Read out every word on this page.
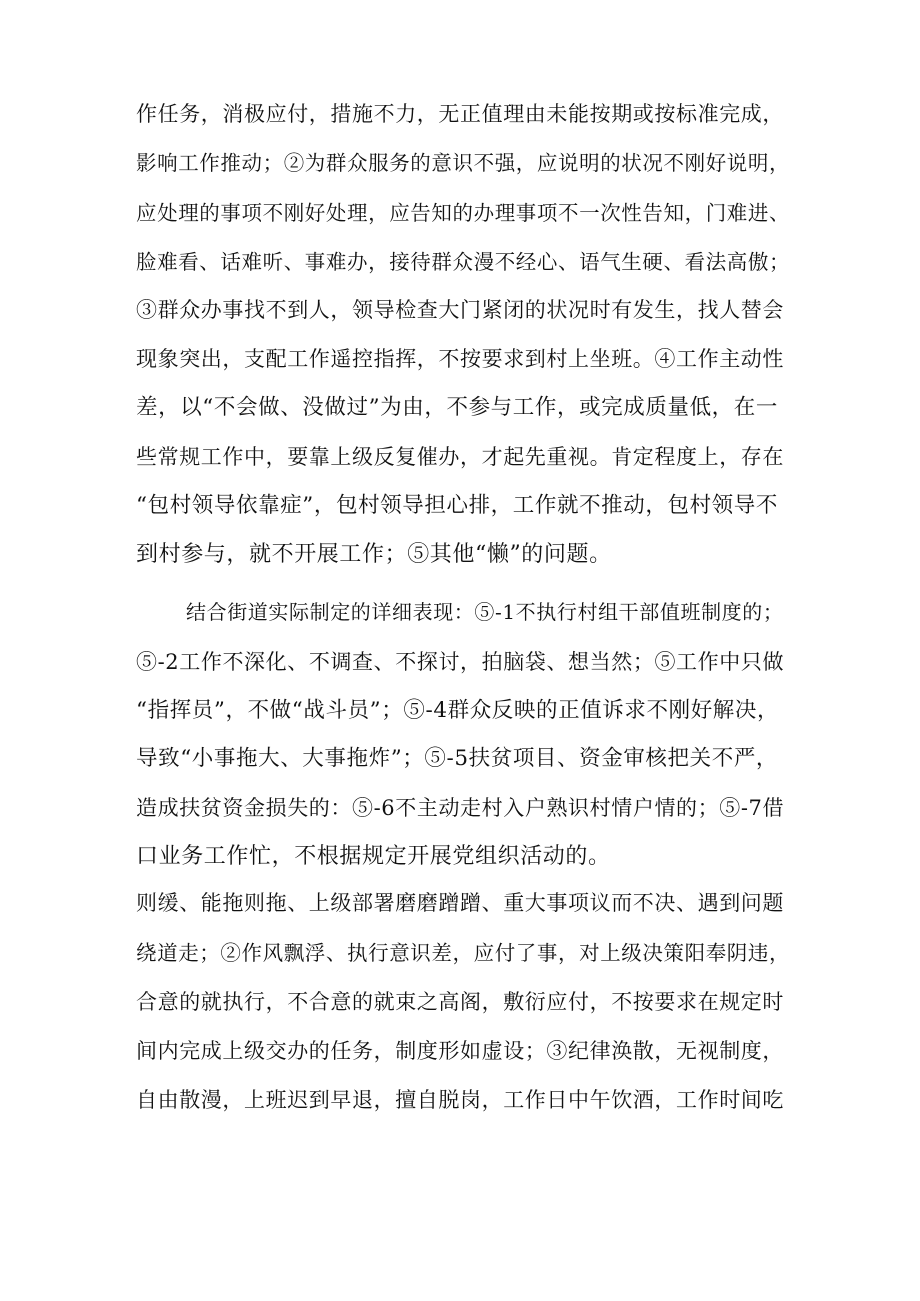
作任务，消极应付，措施不力，无正值理由未能按期或按标准完成，
影响工作推动；②为群众服务的意识不强，应说明的状况不刚好说明，
应处理的事项不刚好处理，应告知的办理事项不一次性告知，门难进、
脸难看、话难听、事难办，接待群众漫不经心、语气生硬、看法高傲；
③群众办事找不到人，领导检查大门紧闭的状况时有发生，找人替会
现象突出，支配工作遥控指挥，不按要求到村上坐班。④工作主动性
差，以“不会做、没做过”为由，不参与工作，或完成质量低，在一
些常规工作中，要靠上级反复催办，才起先重视。肯定程度上，存在
“包村领导依靠症”，包村领导担心排，工作就不推动，包村领导不
到村参与，就不开展工作；⑤其他“懒”的问题。
结合街道实际制定的详细表现：⑤-1不执行村组干部值班制度的；
⑤-2工作不深化、不调查、不探讨，拍脑袋、想当然；⑤工作中只做
“指挥员”，不做“战斗员”；⑤-4群众反映的正值诉求不刚好解决，
导致“小事拖大、大事拖炸”；⑤-5扶贫项目、资金审核把关不严，
造成扶贫资金损失的：⑤-6不主动走村入户熟识村情户情的；⑤-7借
口业务工作忙，不根据规定开展党组织活动的。
则缓、能拖则拖、上级部署磨磨蹭蹭、重大事项议而不决、遇到问题
绕道走；②作风飘浮、执行意识差，应付了事，对上级决策阳奉阴违，
合意的就执行，不合意的就束之高阁，敷衍应付，不按要求在规定时
间内完成上级交办的任务，制度形如虚设；③纪律涣散，无视制度，
自由散漫，上班迟到早退，擅自脱岗，工作日中午饮酒，工作时间吃
